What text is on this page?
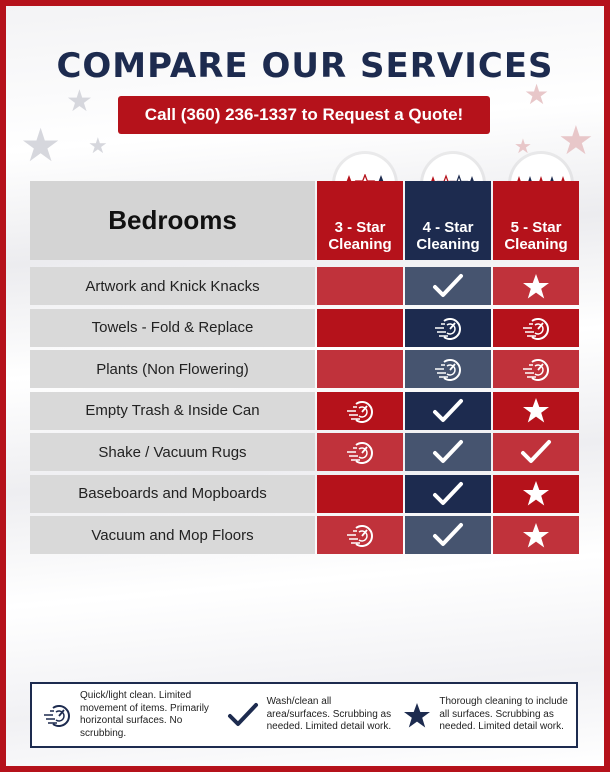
★
★
★
★
★
★
COMPARE OUR SERVICES
Call (360) 236-1337 to Request a Quote!
Bedrooms	3 - Star
Cleaning
4 - Star
Cleaning
5 - Star
Cleaning
Artwork and Knick Knacks
Towels - Fold & Replace
Plants (Non Flowering)
Empty Trash & Inside Can
Shake / Vacuum Rugs
Baseboards and Mopboards
Vacuum and Mop Floors
Quick/light clean. Limited movement of items. Primarily horizontal surfaces. No scrubbing.
Wash/clean all area/surfaces. Scrubbing as needed. Limited detail work.
Thorough cleaning to include all surfaces. Scrubbing as needed. Limited detail work.
